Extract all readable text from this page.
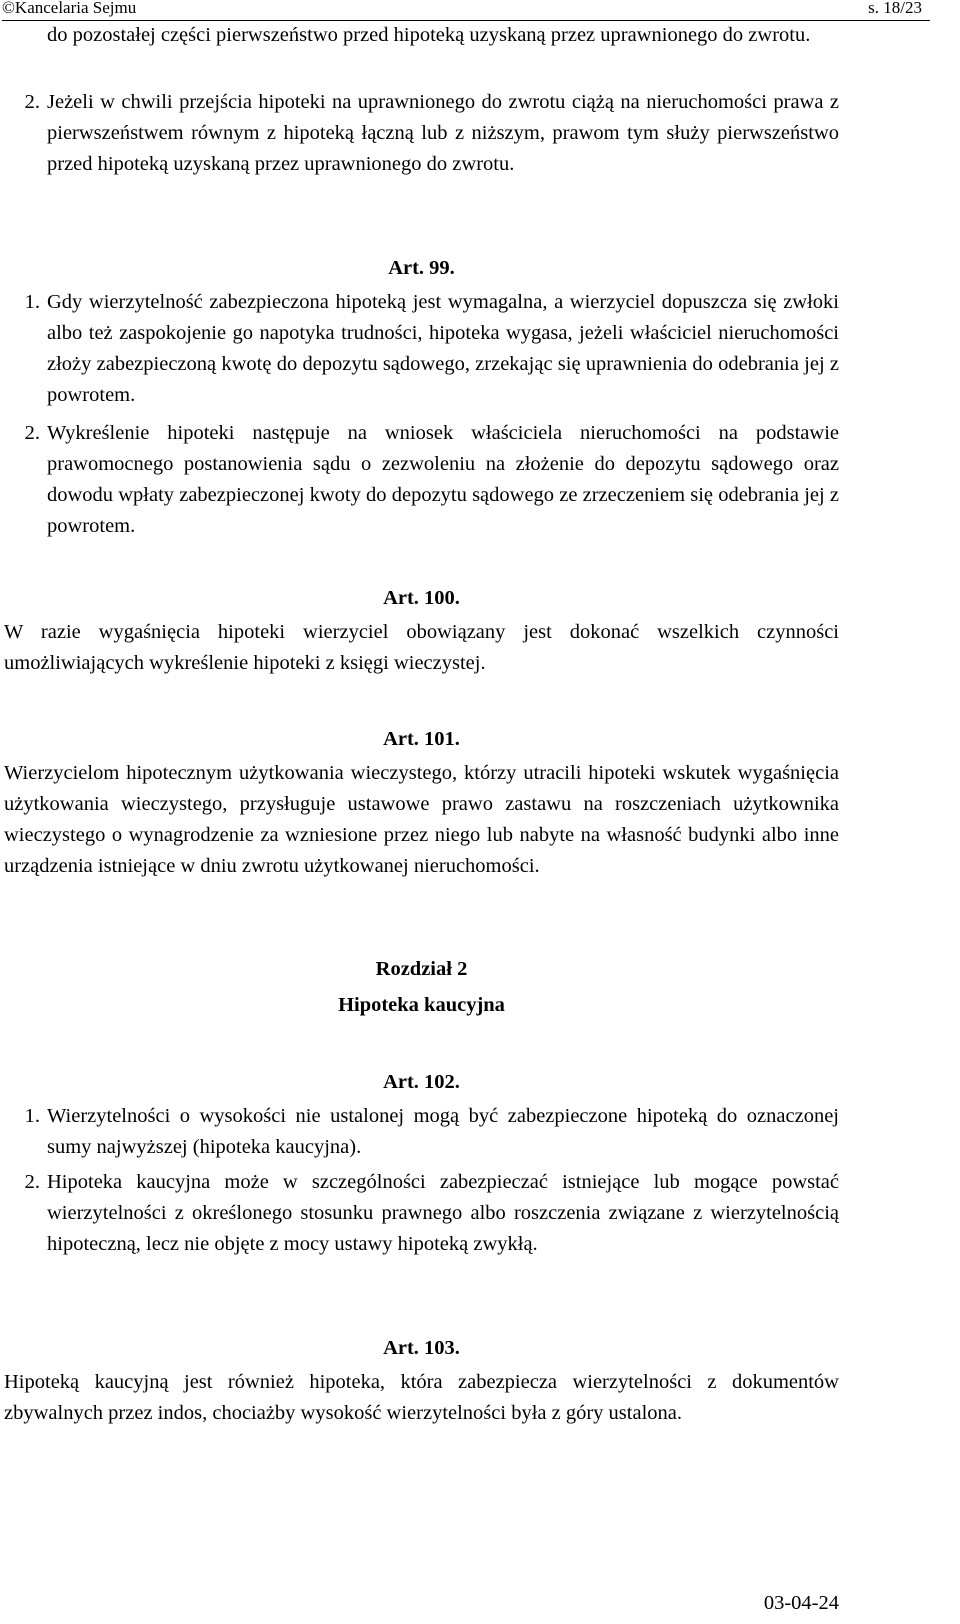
©Kancelaria Sejmu	s. 18/23
do pozostałej części pierwszeństwo przed hipoteką uzyskaną przez uprawnionego do zwrotu.
2. Jeżeli w chwili przejścia hipoteki na uprawnionego do zwrotu ciążą na nieruchomości prawa z pierwszeństwem równym z hipoteką łączną lub z niższym, prawom tym służy pierwszeństwo przed hipoteką uzyskaną przez uprawnionego do zwrotu.
Art. 99.
1. Gdy wierzytelność zabezpieczona hipoteką jest wymagalna, a wierzyciel dopuszcza się zwłoki albo też zaspokojenie go napotyka trudności, hipoteka wygasa, jeżeli właściciel nieruchomości złoży zabezpieczoną kwotę do depozytu sądowego, zrzekając się uprawnienia do odebrania jej z powrotem.
2. Wykreślenie hipoteki następuje na wniosek właściciela nieruchomości na podstawie prawomocnego postanowienia sądu o zezwoleniu na złożenie do depozytu sądowego oraz dowodu wpłaty zabezpieczonej kwoty do depozytu sądowego ze zrzeczeniem się odebrania jej z powrotem.
Art. 100.
W razie wygaśnięcia hipoteki wierzyciel obowiązany jest dokonać wszelkich czynności umożliwiających wykreślenie hipoteki z księgi wieczystej.
Art. 101.
Wierzycielom hipotecznym użytkowania wieczystego, którzy utracili hipoteki wskutek wygaśnięcia użytkowania wieczystego, przysługuje ustawowe prawo zastawu na roszczeniach użytkownika wieczystego o wynagrodzenie za wzniesione przez niego lub nabyte na własność budynki albo inne urządzenia istniejące w dniu zwrotu użytkowanej nieruchomości.
Rozdział 2
Hipoteka kaucyjna
Art. 102.
1. Wierzytelności o wysokości nie ustalonej mogą być zabezpieczone hipoteką do oznaczonej sumy najwyższej (hipoteka kaucyjna).
2. Hipoteka kaucyjna może w szczególności zabezpieczać istniejące lub mogące powstać wierzytelności z określonego stosunku prawnego albo roszczenia związane z wierzytelnością hipoteczną, lecz nie objęte z mocy ustawy hipoteką zwykłą.
Art. 103.
Hipoteką kaucyjną jest również hipoteka, która zabezpiecza wierzytelności z dokumentów zbywalnych przez indos, chociażby wysokość wierzytelności była z góry ustalona.
03-04-24
